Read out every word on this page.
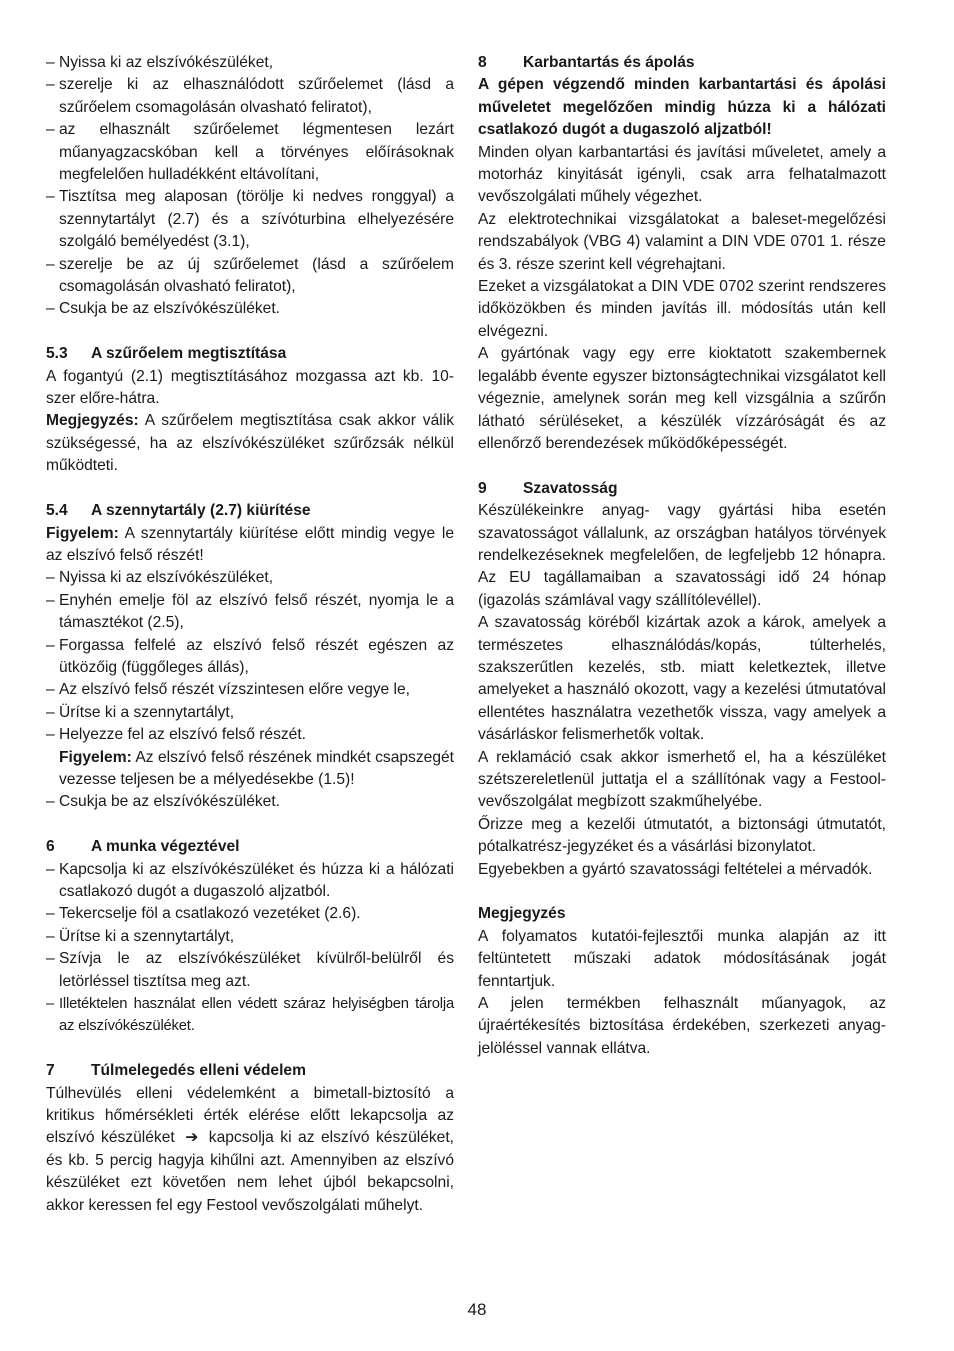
– Nyissa ki az elszívókészüléket,
– szerelje ki az elhasználódott szűrőelemet (lásd a szűrőelem csomagolásán olvasható feliratot),
– az elhasznált szűrőelemet légmentesen lezárt műanyagzacskóban kell a törvényes előírásoknak megfelelően hulladékként eltávolítani,
– Tisztítsa meg alaposan (törölje ki nedves ronggyal) a szennytartályt (2.7) és a szívóturbina elhelyezésére szolgáló bemélyedést (3.1),
– szerelje be az új szűrőelemet (lásd a szűrőelem csomagolásán olvasható feliratot),
– Csukja be az elszívókészüléket.
5.3 A szűrőelem megtisztítása

A fogantyú (2.1) megtisztításához mozgassa azt kb. 10-szer előre-hátra.

Megjegyzés: A szűrőelem megtisztítása csak akkor válik szükségessé, ha az elszívókészüléket szűrőzsák nélkül működteti.

5.4 A szennytartály (2.7) kiürítése

Figyelem: A szennytartály kiürítése előtt mindig vegye le az elszívó felső részét!

– Nyissa ki az elszívókészüléket,
– Enyhén emelje föl az elszívó felső részét, nyomja le a támasztékot (2.5),
– Forgassa felfelé az elszívó felső részét egészen az ütközőig (függőleges állás),
– Az elszívó felső részét vízszintesen előre vegye le,
– Ürítse ki a szennytartályt,
– Helyezze fel az elszívó felső részét.
Figyelem: Az elszívó felső részének mindkét csapszegét vezesse teljesen be a mélyedésekbe (1.5)!
– Csukja be az elszívókészüléket.
6 A munka végeztével
– Kapcsolja ki az elszívókészüléket és húzza ki a hálózati csatlakozó dugót a dugaszoló aljzatból.
– Tekercselje föl a csatlakozó vezetéket (2.6).
– Ürítse ki a szennytartályt,
– Szívja le az elszívókészüléket kívülről-belülről és letörléssel tisztítsa meg azt.
– Illetéktelen használat ellen védett száraz helyiségben tárolja az elszívókészüléket.
7 Túlmelegedés elleni védelem

Túlhevülés elleni védelemként a bimetall-biztosító a kritikus hőmérsékleti érték elérése előtt lekapcsolja az elszívó készüléket ➔ kapcsolja ki az elszívó készüléket, és kb. 5 percig hagyja kihűlni azt. Amennyiben az elszívó készüléket ezt követően nem lehet újból bekapcsolni, akkor keressen fel egy Festool vevőszolgálati műhelyt.

8 Karbantartás és ápolás

A gépen végzendő minden karbantartási és ápolási műveletet megelőzően mindig húzza ki a hálózati csatlakozó dugót a dugaszoló aljzatból!

Minden olyan karbantartási és javítási műveletet, amely a motorház kinyitását igényli, csak arra felhatalmazott vevőszolgálati műhely végezhet.

Az elektrotechnikai vizsgálatokat a baleset-megelőzési rendszabályok (VBG 4) valamint a DIN VDE 0701 1. része és 3. része szerint kell végrehajtani.

Ezeket a vizsgálatokat a DIN VDE 0702 szerint rendszeres időközökben és minden javítás ill. módosítás után kell elvégezni.

A gyártónak vagy egy erre kioktatott szakembernek legalább évente egyszer biztonságtechnikai vizsgálatot kell végeznie, amelynek során meg kell vizsgálnia a szűrőn látható sérüléseket, a készülék vízzáróságát és az ellenőrző berendezések működőképességét.

9 Szavatosság

Készülékeinkre anyag- vagy gyártási hiba esetén szavatosságot vállalunk, az országban hatályos törvények rendelkezéseknek megfelelően, de legfeljebb 12 hónapra. Az EU tagállamaiban a szavatossági idő 24 hónap (igazolás számlával vagy szállítólevéllel).

A szavatosság köréből kizártak azok a károk, amelyek a természetes elhasználódás/kopás, túlterhelés, szakszerűtlen kezelés, stb. miatt keletkeztek, illetve amelyeket a használó okozott, vagy a kezelési útmutatóval ellentétes használatra vezethetők vissza, vagy amelyek a vásárláskor felismerhetők voltak.

A reklamáció csak akkor ismerhető el, ha a készüléket szétszereletlenül juttatja el a szállítónak vagy a Festool-vevőszolgálat megbízott szakműhelyébe.

Őrizze meg a kezelői útmutatót, a biztonsági útmutatót, pótalkatrész-jegyzéket és a vásárlási bizonylatot.

Egyebekben a gyártó szavatossági feltételei a mérvadók.

Megjegyzés

A folyamatos kutatói-fejlesztői munka alapján az itt feltüntetett műszaki adatok módosításának jogát fenntartjuk.

A jelen termékben felhasznált műanyagok, az újraértékesítés biztosítása érdekében, szerkezeti anyag-jelöléssel vannak ellátva.

48
